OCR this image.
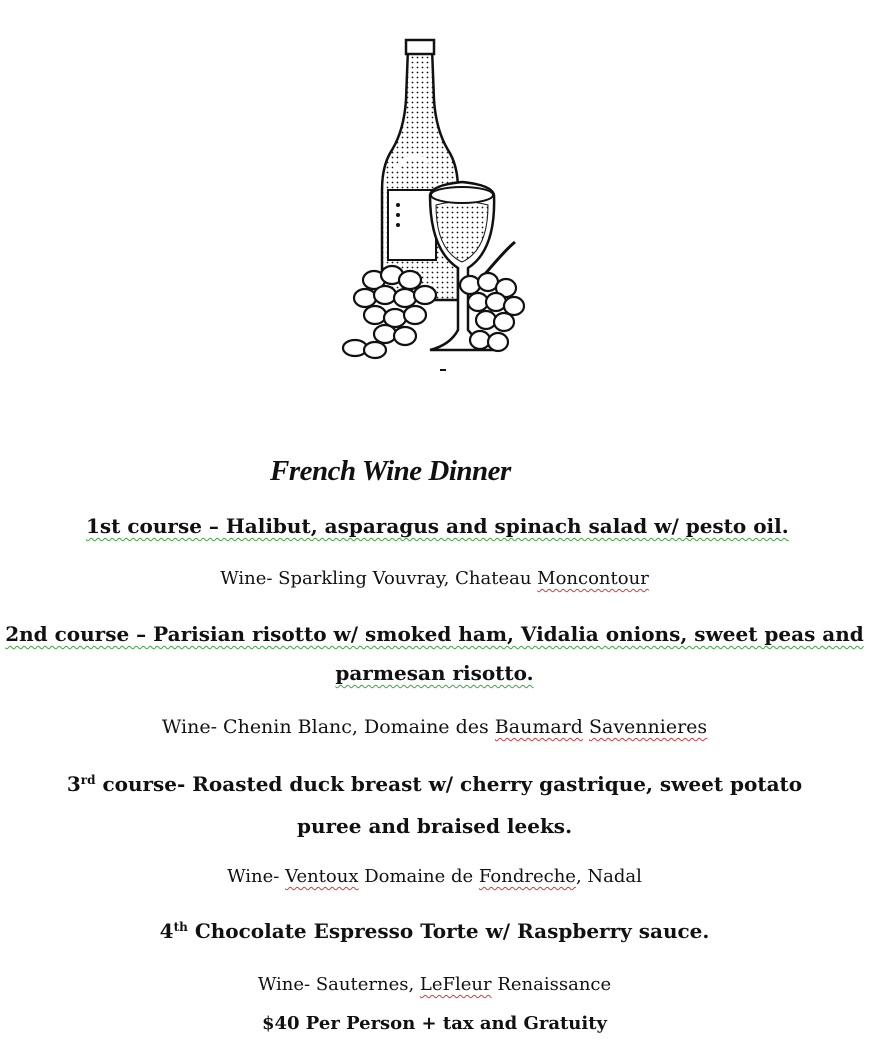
French Wine Dinner
1st course – Halibut, asparagus and spinach salad w/ pesto oil.
Wine- Sparkling Vouvray, Chateau Moncontour
2nd course – Parisian risotto w/ smoked ham, Vidalia onions, sweet peas and
parmesan risotto.
Wine- Chenin Blanc, Domaine des Baumard Savennieres
3rd course- Roasted duck breast w/ cherry gastrique, sweet potato
puree and braised leeks.
Wine- Ventoux Domaine de Fondreche, Nadal
4th Chocolate Espresso Torte w/ Raspberry sauce.
Wine- Sauternes, LeFleur Renaissance
$40 Per Person + tax and Gratuity
